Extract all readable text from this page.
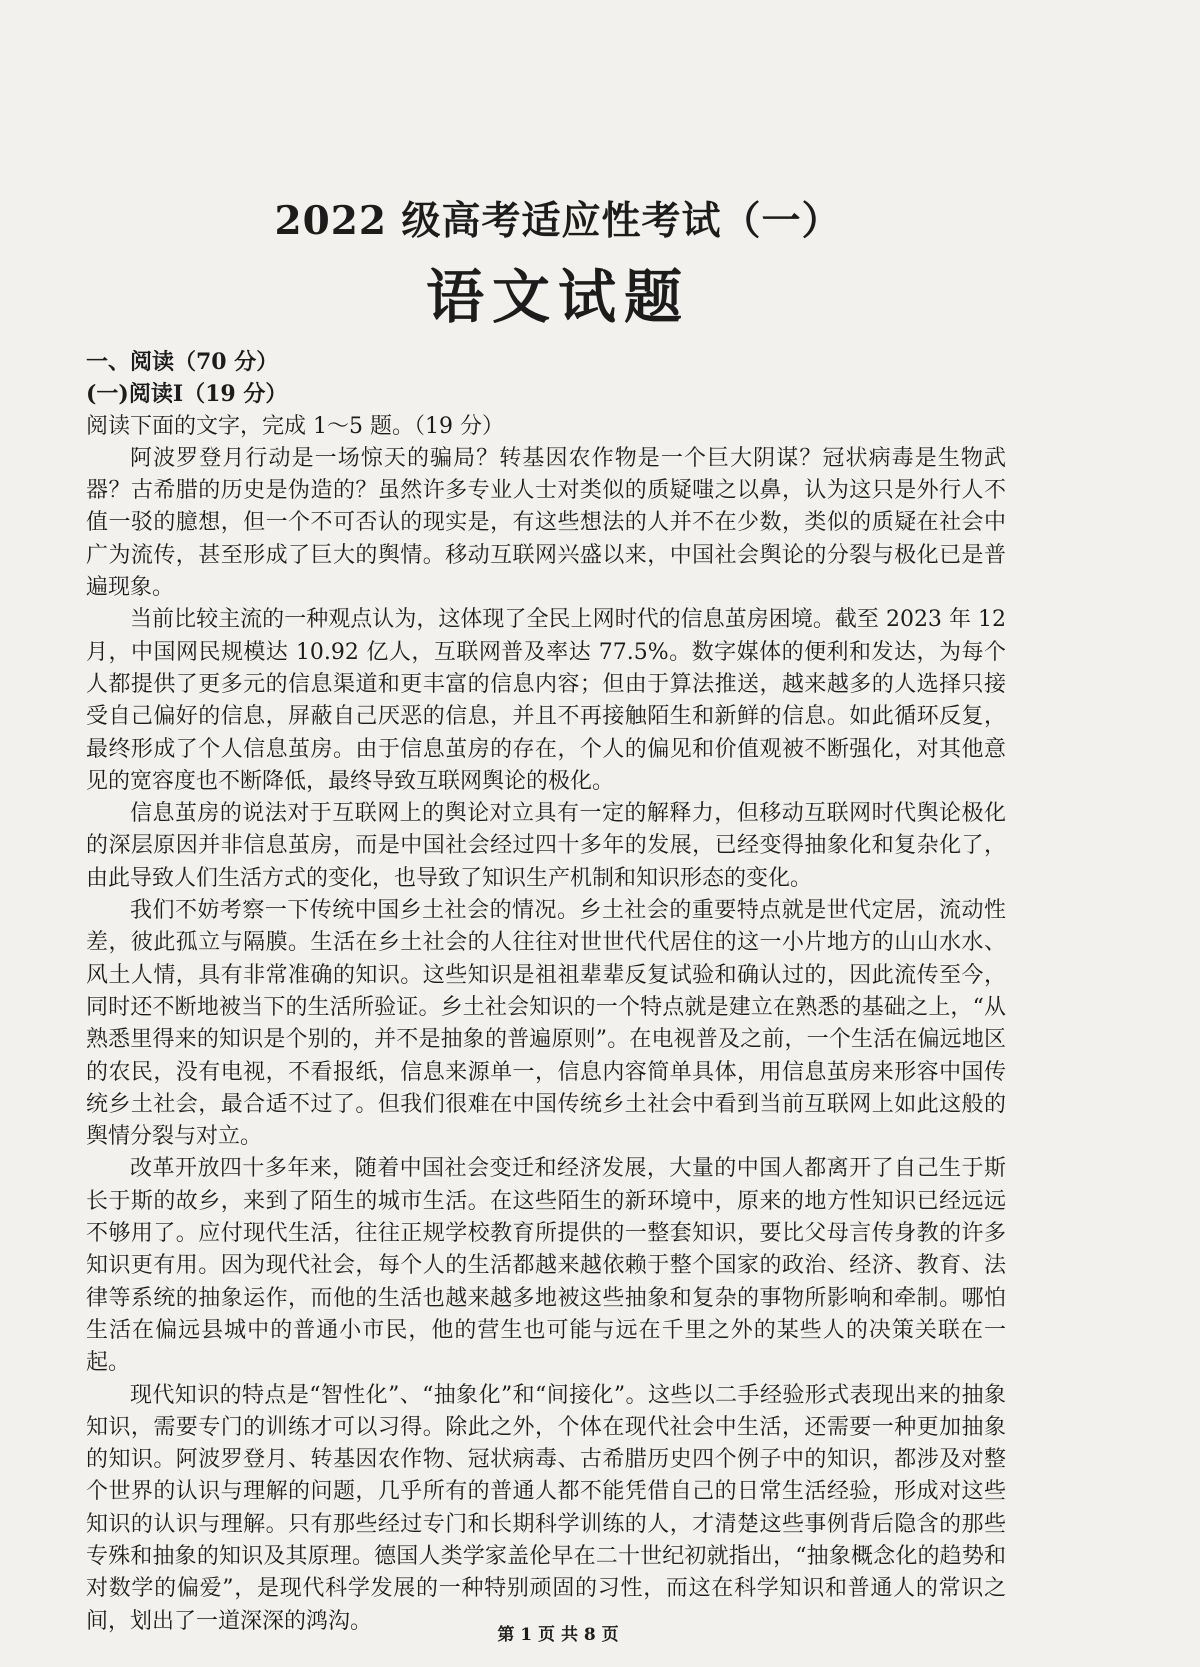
2022 级高考适应性考试（一）
语文试题

一、阅读（70 分）

(一)阅读I（19 分）

阅读下面的文字，完成 1～5 题。（19 分）

阿波罗登月行动是一场惊天的骗局？转基因农作物是一个巨大阴谋？冠状病毒是生物武器？古希腊的历史是伪造的？虽然许多专业人士对类似的质疑嗤之以鼻，认为这只是外行人不值一驳的臆想，但一个不可否认的现实是，有这些想法的人并不在少数，类似的质疑在社会中广为流传，甚至形成了巨大的舆情。移动互联网兴盛以来，中国社会舆论的分裂与极化已是普遍现象。

当前比较主流的一种观点认为，这体现了全民上网时代的信息茧房困境。截至 2023 年 12 月，中国网民规模达 10.92 亿人，互联网普及率达 77.5%。数字媒体的便利和发达，为每个人都提供了更多元的信息渠道和更丰富的信息内容；但由于算法推送，越来越多的人选择只接受自己偏好的信息，屏蔽自己厌恶的信息，并且不再接触陌生和新鲜的信息。如此循环反复，最终形成了个人信息茧房。由于信息茧房的存在，个人的偏见和价值观被不断强化，对其他意见的宽容度也不断降低，最终导致互联网舆论的极化。

信息茧房的说法对于互联网上的舆论对立具有一定的解释力，但移动互联网时代舆论极化的深层原因并非信息茧房，而是中国社会经过四十多年的发展，已经变得抽象化和复杂化了，由此导致人们生活方式的变化，也导致了知识生产机制和知识形态的变化。

我们不妨考察一下传统中国乡土社会的情况。乡土社会的重要特点就是世代定居，流动性差，彼此孤立与隔膜。生活在乡土社会的人往往对世世代代居住的这一小片地方的山山水水、风土人情，具有非常准确的知识。这些知识是祖祖辈辈反复试验和确认过的，因此流传至今，同时还不断地被当下的生活所验证。乡土社会知识的一个特点就是建立在熟悉的基础之上，“从熟悉里得来的知识是个别的，并不是抽象的普遍原则”。在电视普及之前，一个生活在偏远地区的农民，没有电视，不看报纸，信息来源单一，信息内容简单具体，用信息茧房来形容中国传统乡土社会，最合适不过了。但我们很难在中国传统乡土社会中看到当前互联网上如此这般的舆情分裂与对立。

改革开放四十多年来，随着中国社会变迁和经济发展，大量的中国人都离开了自己生于斯长于斯的故乡，来到了陌生的城市生活。在这些陌生的新环境中，原来的地方性知识已经远远不够用了。应付现代生活，往往正规学校教育所提供的一整套知识，要比父母言传身教的许多知识更有用。因为现代社会，每个人的生活都越来越依赖于整个国家的政治、经济、教育、法律等系统的抽象运作，而他的生活也越来越多地被这些抽象和复杂的事物所影响和牵制。哪怕生活在偏远县城中的普通小市民，他的营生也可能与远在千里之外的某些人的决策关联在一起。

现代知识的特点是“智性化”、“抽象化”和“间接化”。这些以二手经验形式表现出来的抽象知识，需要专门的训练才可以习得。除此之外，个体在现代社会中生活，还需要一种更加抽象的知识。阿波罗登月、转基因农作物、冠状病毒、古希腊历史四个例子中的知识，都涉及对整个世界的认识与理解的问题，几乎所有的普通人都不能凭借自己的日常生活经验，形成对这些知识的认识与理解。只有那些经过专门和长期科学训练的人，才清楚这些事例背后隐含的那些专殊和抽象的知识及其原理。德国人类学家盖伦早在二十世纪初就指出，“抽象概念化的趋势和对数学的偏爱”，是现代科学发展的一种特别顽固的习性，而这在科学知识和普通人的常识之间，划出了一道深深的鸿沟。

第 1 页 共 8 页
